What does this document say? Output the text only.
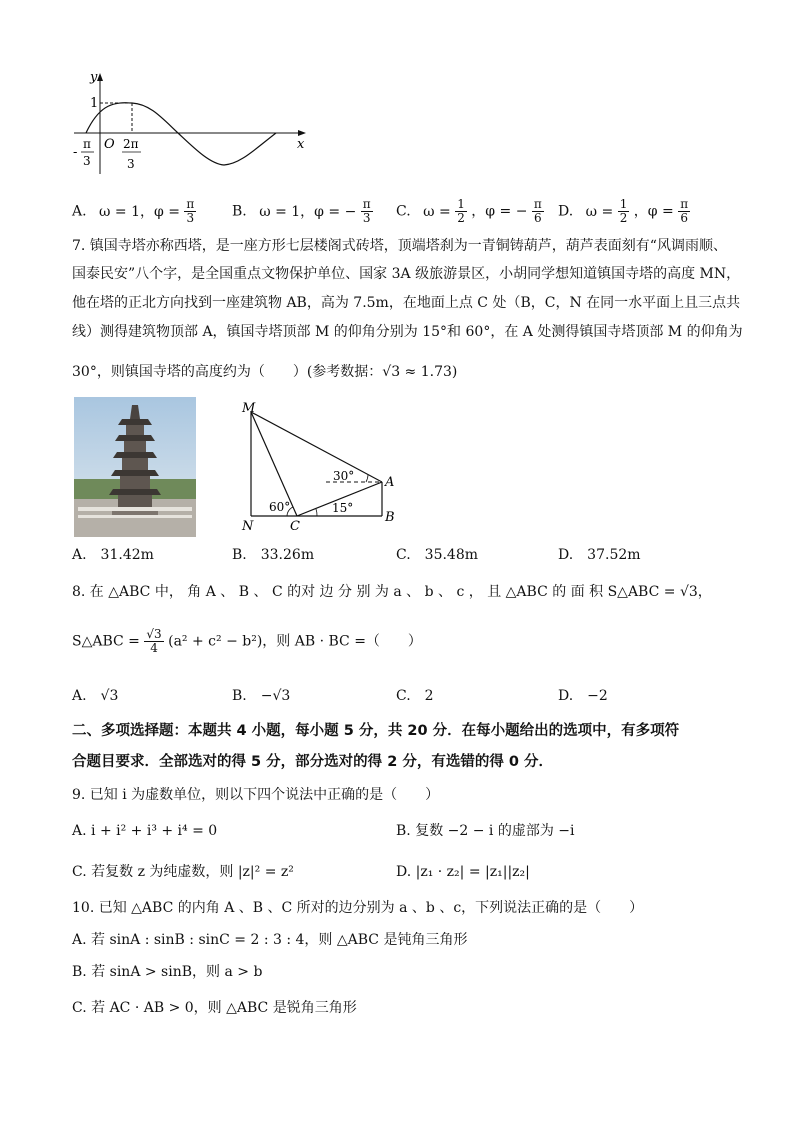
y
x
O
1
-
π
3
2π
3
A. ω = 1，$\varphi = \frac{\pi}{3}$	B. ω = 1，φ = − $\frac{\pi}{3} C$. $\omega = \frac{1}{2}$ ，φ = − $\frac{\pi}{6} D$. $\omega = \frac{1}{2}$ ，$\varphi = \frac{\pi}{6}$
7. 镇国寺塔亦称西塔，是一座方形七层楼阁式砖塔，顶端塔刹为一青铜铸葫芦，葫芦表面刻有“风调雨顺、
国泰民安”八个字，是全国重点文物保护单位、国家 3A 级旅游景区，小胡同学想知道镇国寺塔的高度 MN，
他在塔的正北方向找到一座建筑物 AB，高为 7.5m，在地面上点 C 处（B，C，N 在同一水平面上且三点共
线）测得建筑物顶部 A，镇国寺塔顶部 M 的仰角分别为 15°和 60°，在 A 处测得镇国寺塔顶部 M 的仰角为
30°，则镇国寺塔的高度约为（　　）(参考数据：√3 ≈ 1.73)
M
N	C
A
B
60°	15°
30°
A.　31.42m	B.　33.26m	C.　35.48m	D.　37.52m
8. 在 △ABC 中， 角 A 、 B 、 C 的对 边 分 别 为 a 、 b 、 c ， 且 △ABC 的 面 积 S△ABC = √3，
S△ABC = $\frac{√3}{4} (a^2 + c^2 - b^2)$，则 AB · BC =（　　）
A.　√3	B.　−√3	C.　2	D.　−2
二、多项选择题：本题共 4 小题，每小题 5 分，共 20 分．在每小题给出的选项中，有多项符
合题目要求．全部选对的得 5 分，部分选对的得 2 分，有选错的得 0 分．
9. 已知 i 为虚数单位，则以下四个说法中正确的是（　　）
A. i + i² + i³ + i⁴ = 0	B. 复数 −2 − i 的虚部为 −i
C. 若复数 z 为纯虚数，则 |z|² = z²	D. |z₁ · z₂| = |z₁||z₂|
10. 已知 △ABC 的内角 A 、B 、C 所对的边分别为 a 、b 、c，下列说法正确的是（　　）
A. 若 sinA : sinB : sinC = 2 : 3 : 4，则 △ABC 是钝角三角形
B. 若 sinA > sinB，则 a > b
C. 若 AC · AB > 0，则 △ABC 是锐角三角形
